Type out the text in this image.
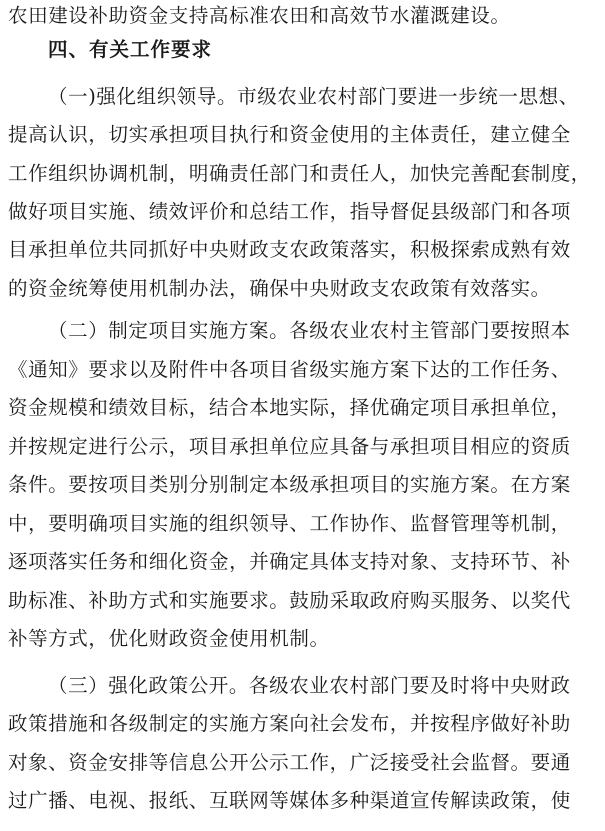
农田建设补助资金支持高标准农田和高效节水灌溉建设。
四、有关工作要求
（一)强化组织领导。市级农业农村部门要进一步统一思想、
提高认识，切实承担项目执行和资金使用的主体责任，建立健全
工作组织协调机制，明确责任部门和责任人，加快完善配套制度，
做好项目实施、绩效评价和总结工作，指导督促县级部门和各项
目承担单位共同抓好中央财政支农政策落实，积极探索成熟有效
的资金统筹使用机制办法，确保中央财政支农政策有效落实。
（二）制定项目实施方案。各级农业农村主管部门要按照本
《通知》要求以及附件中各项目省级实施方案下达的工作任务、
资金规模和绩效目标，结合本地实际，择优确定项目承担单位，
并按规定进行公示，项目承担单位应具备与承担项目相应的资质
条件。要按项目类别分别制定本级承担项目的实施方案。在方案
中，要明确项目实施的组织领导、工作协作、监督管理等机制，
逐项落实任务和细化资金，并确定具体支持对象、支持环节、补
助标准、补助方式和实施要求。鼓励采取政府购买服务、以奖代
补等方式，优化财政资金使用机制。
（三）强化政策公开。各级农业农村部门要及时将中央财政
政策措施和各级制定的实施方案向社会发布，并按程序做好补助
对象、资金安排等信息公开公示工作，广泛接受社会监督。要通
过广播、电视、报纸、互联网等媒体多种渠道宣传解读政策，使
